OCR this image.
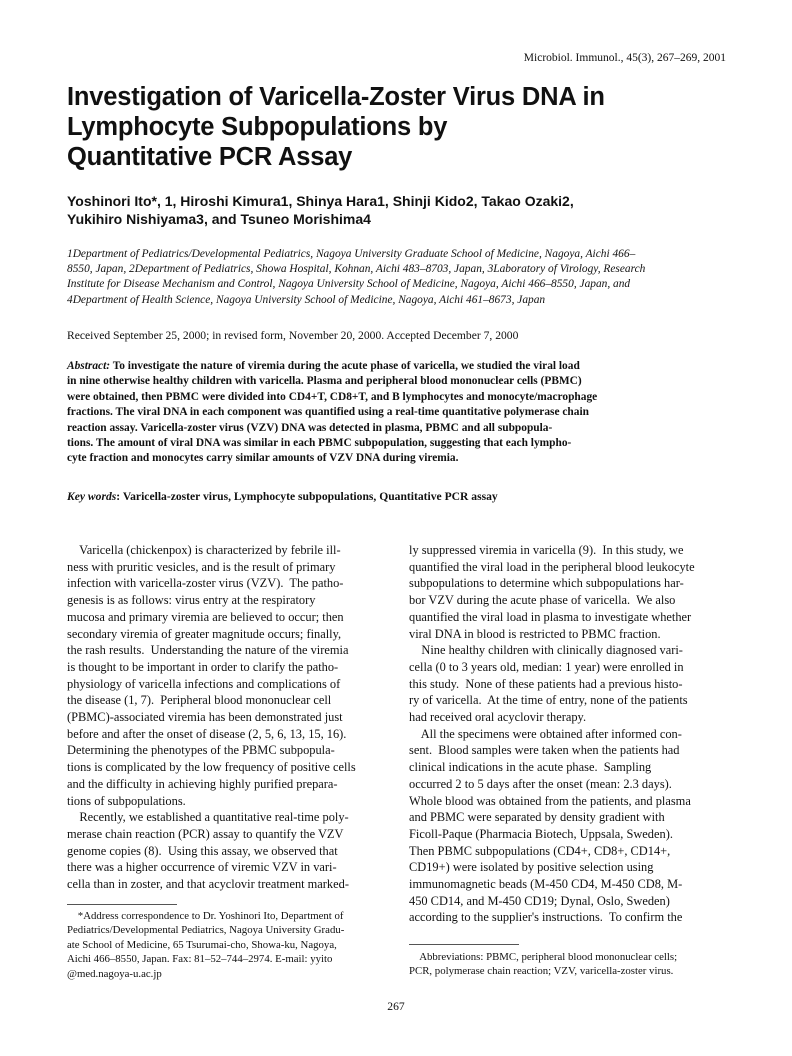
Microbiol. Immunol., 45(3), 267–269, 2001
Investigation of Varicella-Zoster Virus DNA in
Lymphocyte Subpopulations by
Quantitative PCR Assay
Yoshinori Ito*, 1, Hiroshi Kimura1, Shinya Hara1, Shinji Kido2, Takao Ozaki2,
Yukihiro Nishiyama3, and Tsuneo Morishima4
1Department of Pediatrics/Developmental Pediatrics, Nagoya University Graduate School of Medicine, Nagoya, Aichi 466–
8550, Japan, 2Department of Pediatrics, Showa Hospital, Kohnan, Aichi 483–8703, Japan, 3Laboratory of Virology, Research
Institute for Disease Mechanism and Control, Nagoya University School of Medicine, Nagoya, Aichi 466–8550, Japan, and
4Department of Health Science, Nagoya University School of Medicine, Nagoya, Aichi 461–8673, Japan
Received September 25, 2000; in revised form, November 20, 2000. Accepted December 7, 2000
Abstract: To investigate the nature of viremia during the acute phase of varicella, we studied the viral load
in nine otherwise healthy children with varicella. Plasma and peripheral blood mononuclear cells (PBMC)
were obtained, then PBMC were divided into CD4+T, CD8+T, and B lymphocytes and monocyte/macrophage
fractions. The viral DNA in each component was quantified using a real-time quantitative polymerase chain
reaction assay. Varicella-zoster virus (VZV) DNA was detected in plasma, PBMC and all subpopula-
tions. The amount of viral DNA was similar in each PBMC subpopulation, suggesting that each lympho-
cyte fraction and monocytes carry similar amounts of VZV DNA during viremia.
Key words: Varicella-zoster virus, Lymphocyte subpopulations, Quantitative PCR assay
Varicella (chickenpox) is characterized by febrile ill-
ness with pruritic vesicles, and is the result of primary
infection with varicella-zoster virus (VZV).  The patho-
genesis is as follows: virus entry at the respiratory
mucosa and primary viremia are believed to occur; then
secondary viremia of greater magnitude occurs; finally,
the rash results.  Understanding the nature of the viremia
is thought to be important in order to clarify the patho-
physiology of varicella infections and complications of
the disease (1, 7).  Peripheral blood mononuclear cell
(PBMC)-associated viremia has been demonstrated just
before and after the onset of disease (2, 5, 6, 13, 15, 16).
Determining the phenotypes of the PBMC subpopula-
tions is complicated by the low frequency of positive cells
and the difficulty in achieving highly purified prepara-
tions of subpopulations.
Recently, we established a quantitative real-time poly-
merase chain reaction (PCR) assay to quantify the VZV
genome copies (8).  Using this assay, we observed that
there was a higher occurrence of viremic VZV in vari-
cella than in zoster, and that acyclovir treatment marked-
ly suppressed viremia in varicella (9).  In this study, we
quantified the viral load in the peripheral blood leukocyte
subpopulations to determine which subpopulations har-
bor VZV during the acute phase of varicella.  We also
quantified the viral load in plasma to investigate whether
viral DNA in blood is restricted to PBMC fraction.
Nine healthy children with clinically diagnosed vari-
cella (0 to 3 years old, median: 1 year) were enrolled in
this study.  None of these patients had a previous histo-
ry of varicella.  At the time of entry, none of the patients
had received oral acyclovir therapy.
All the specimens were obtained after informed con-
sent.  Blood samples were taken when the patients had
clinical indications in the acute phase.  Sampling
occurred 2 to 5 days after the onset (mean: 2.3 days).
Whole blood was obtained from the patients, and plasma
and PBMC were separated by density gradient with
Ficoll-Paque (Pharmacia Biotech, Uppsala, Sweden).
Then PBMC subpopulations (CD4+, CD8+, CD14+,
CD19+) were isolated by positive selection using
immunomagnetic beads (M-450 CD4, M-450 CD8, M-
450 CD14, and M-450 CD19; Dynal, Oslo, Sweden)
according to the supplier's instructions.  To confirm the
*Address correspondence to Dr. Yoshinori Ito, Department of
Pediatrics/Developmental Pediatrics, Nagoya University Gradu-
ate School of Medicine, 65 Tsurumai-cho, Showa-ku, Nagoya,
Aichi 466–8550, Japan. Fax: 81–52–744–2974. E-mail: yyito
@med.nagoya-u.ac.jp
Abbreviations: PBMC, peripheral blood mononuclear cells;
PCR, polymerase chain reaction; VZV, varicella-zoster virus.
267
